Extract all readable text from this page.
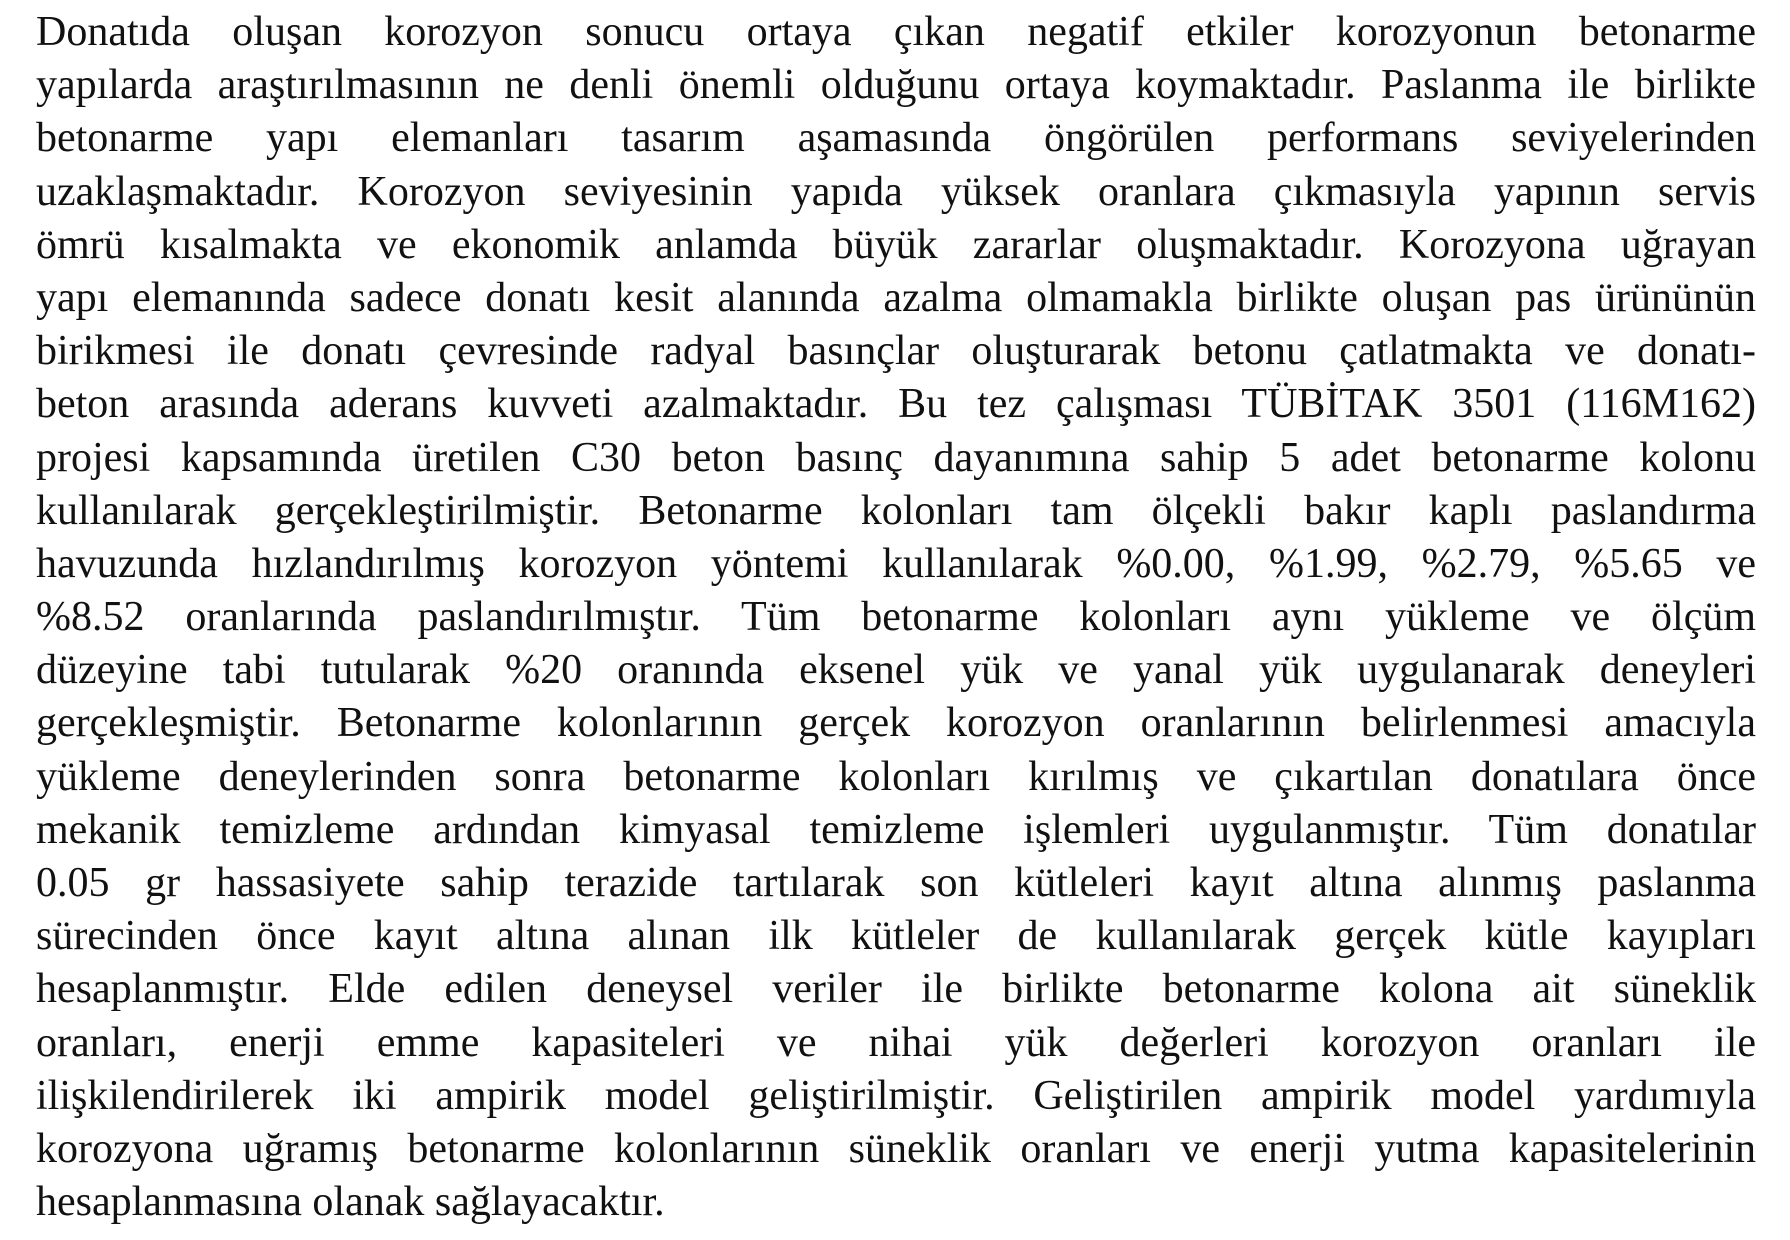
Donatıda oluşan korozyon sonucu ortaya çıkan negatif etkiler korozyonun betonarme
yapılarda araştırılmasının ne denli önemli olduğunu ortaya koymaktadır. Paslanma ile birlikte
betonarme yapı elemanları tasarım aşamasında öngörülen performans seviyelerinden
uzaklaşmaktadır. Korozyon seviyesinin yapıda yüksek oranlara çıkmasıyla yapının servis
ömrü kısalmakta ve ekonomik anlamda büyük zararlar oluşmaktadır. Korozyona uğrayan
yapı elemanında sadece donatı kesit alanında azalma olmamakla birlikte oluşan pas ürününün
birikmesi ile donatı çevresinde radyal basınçlar oluşturarak betonu çatlatmakta ve donatı-
beton arasında aderans kuvveti azalmaktadır. Bu tez çalışması TÜBİTAK 3501 (116M162)
projesi kapsamında üretilen C30 beton basınç dayanımına sahip 5 adet betonarme kolonu
kullanılarak gerçekleştirilmiştir. Betonarme kolonları tam ölçekli bakır kaplı paslandırma
havuzunda hızlandırılmış korozyon yöntemi kullanılarak %0.00, %1.99, %2.79, %5.65 ve
%8.52 oranlarında paslandırılmıştır. Tüm betonarme kolonları aynı yükleme ve ölçüm
düzeyine tabi tutularak %20 oranında eksenel yük ve yanal yük uygulanarak deneyleri
gerçekleşmiştir. Betonarme kolonlarının gerçek korozyon oranlarının belirlenmesi amacıyla
yükleme deneylerinden sonra betonarme kolonları kırılmış ve çıkartılan donatılara önce
mekanik temizleme ardından kimyasal temizleme işlemleri uygulanmıştır. Tüm donatılar
0.05 gr hassasiyete sahip terazide tartılarak son kütleleri kayıt altına alınmış paslanma
sürecinden önce kayıt altına alınan ilk kütleler de kullanılarak gerçek kütle kayıpları
hesaplanmıştır. Elde edilen deneysel veriler ile birlikte betonarme kolona ait süneklik
oranları, enerji emme kapasiteleri ve nihai yük değerleri korozyon oranları ile
ilişkilendirilerek iki ampirik model geliştirilmiştir. Geliştirilen ampirik model yardımıyla
korozyona uğramış betonarme kolonlarının süneklik oranları ve enerji yutma kapasitelerinin
hesaplanmasına olanak sağlayacaktır.
